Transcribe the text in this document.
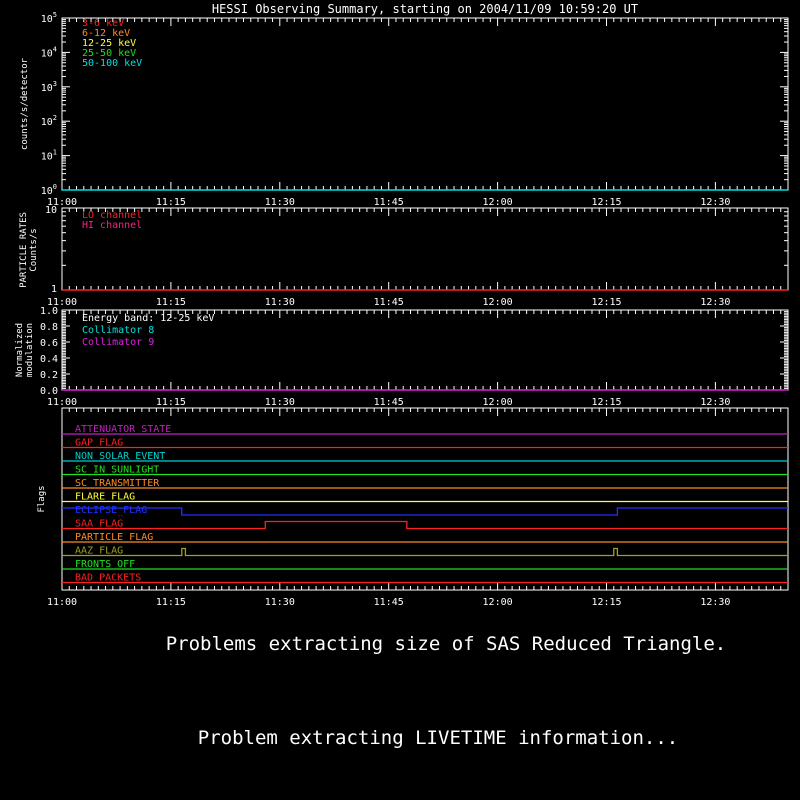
HESSI Observing Summary, starting on 2004/11/09 10:59:20 UT
11:00	11:15	11:30	11:45	12:00	12:15	12:30
$10^5$
$10^4$
$10^3$
$10^2$
$10^1$
$10^0$
counts/s/detector
3-6 keV
6-12 keV
12-25 keV
25-50 keV
50-100 keV
11:00	11:15	11:30	11:45	12:00	12:15	12:30
10
1
PARTICLE RATESCounts/s
LO channel
HI channel
11:00	11:15	11:30	11:45	12:00	12:15	12:30
1.0
0.8
0.6
0.4
0.2
0.0
Normalizedmodulation
Energy band: 12-25 keV
Collimator 8
Collimator 9
11:00	11:15	11:30	11:45	12:00	12:15	12:30
Flags
ATTENUATOR_STATE
GAP_FLAG
NON_SOLAR_EVENT
SC_IN_SUNLIGHT
SC_TRANSMITTER
FLARE_FLAG
ECLIPSE_FLAG
SAA_FLAG
PARTICLE_FLAG
AAZ_FLAG
FRONTS_OFF
BAD_PACKETS
Problems extracting size of SAS Reduced Triangle.
Problem extracting LIVETIME information...
